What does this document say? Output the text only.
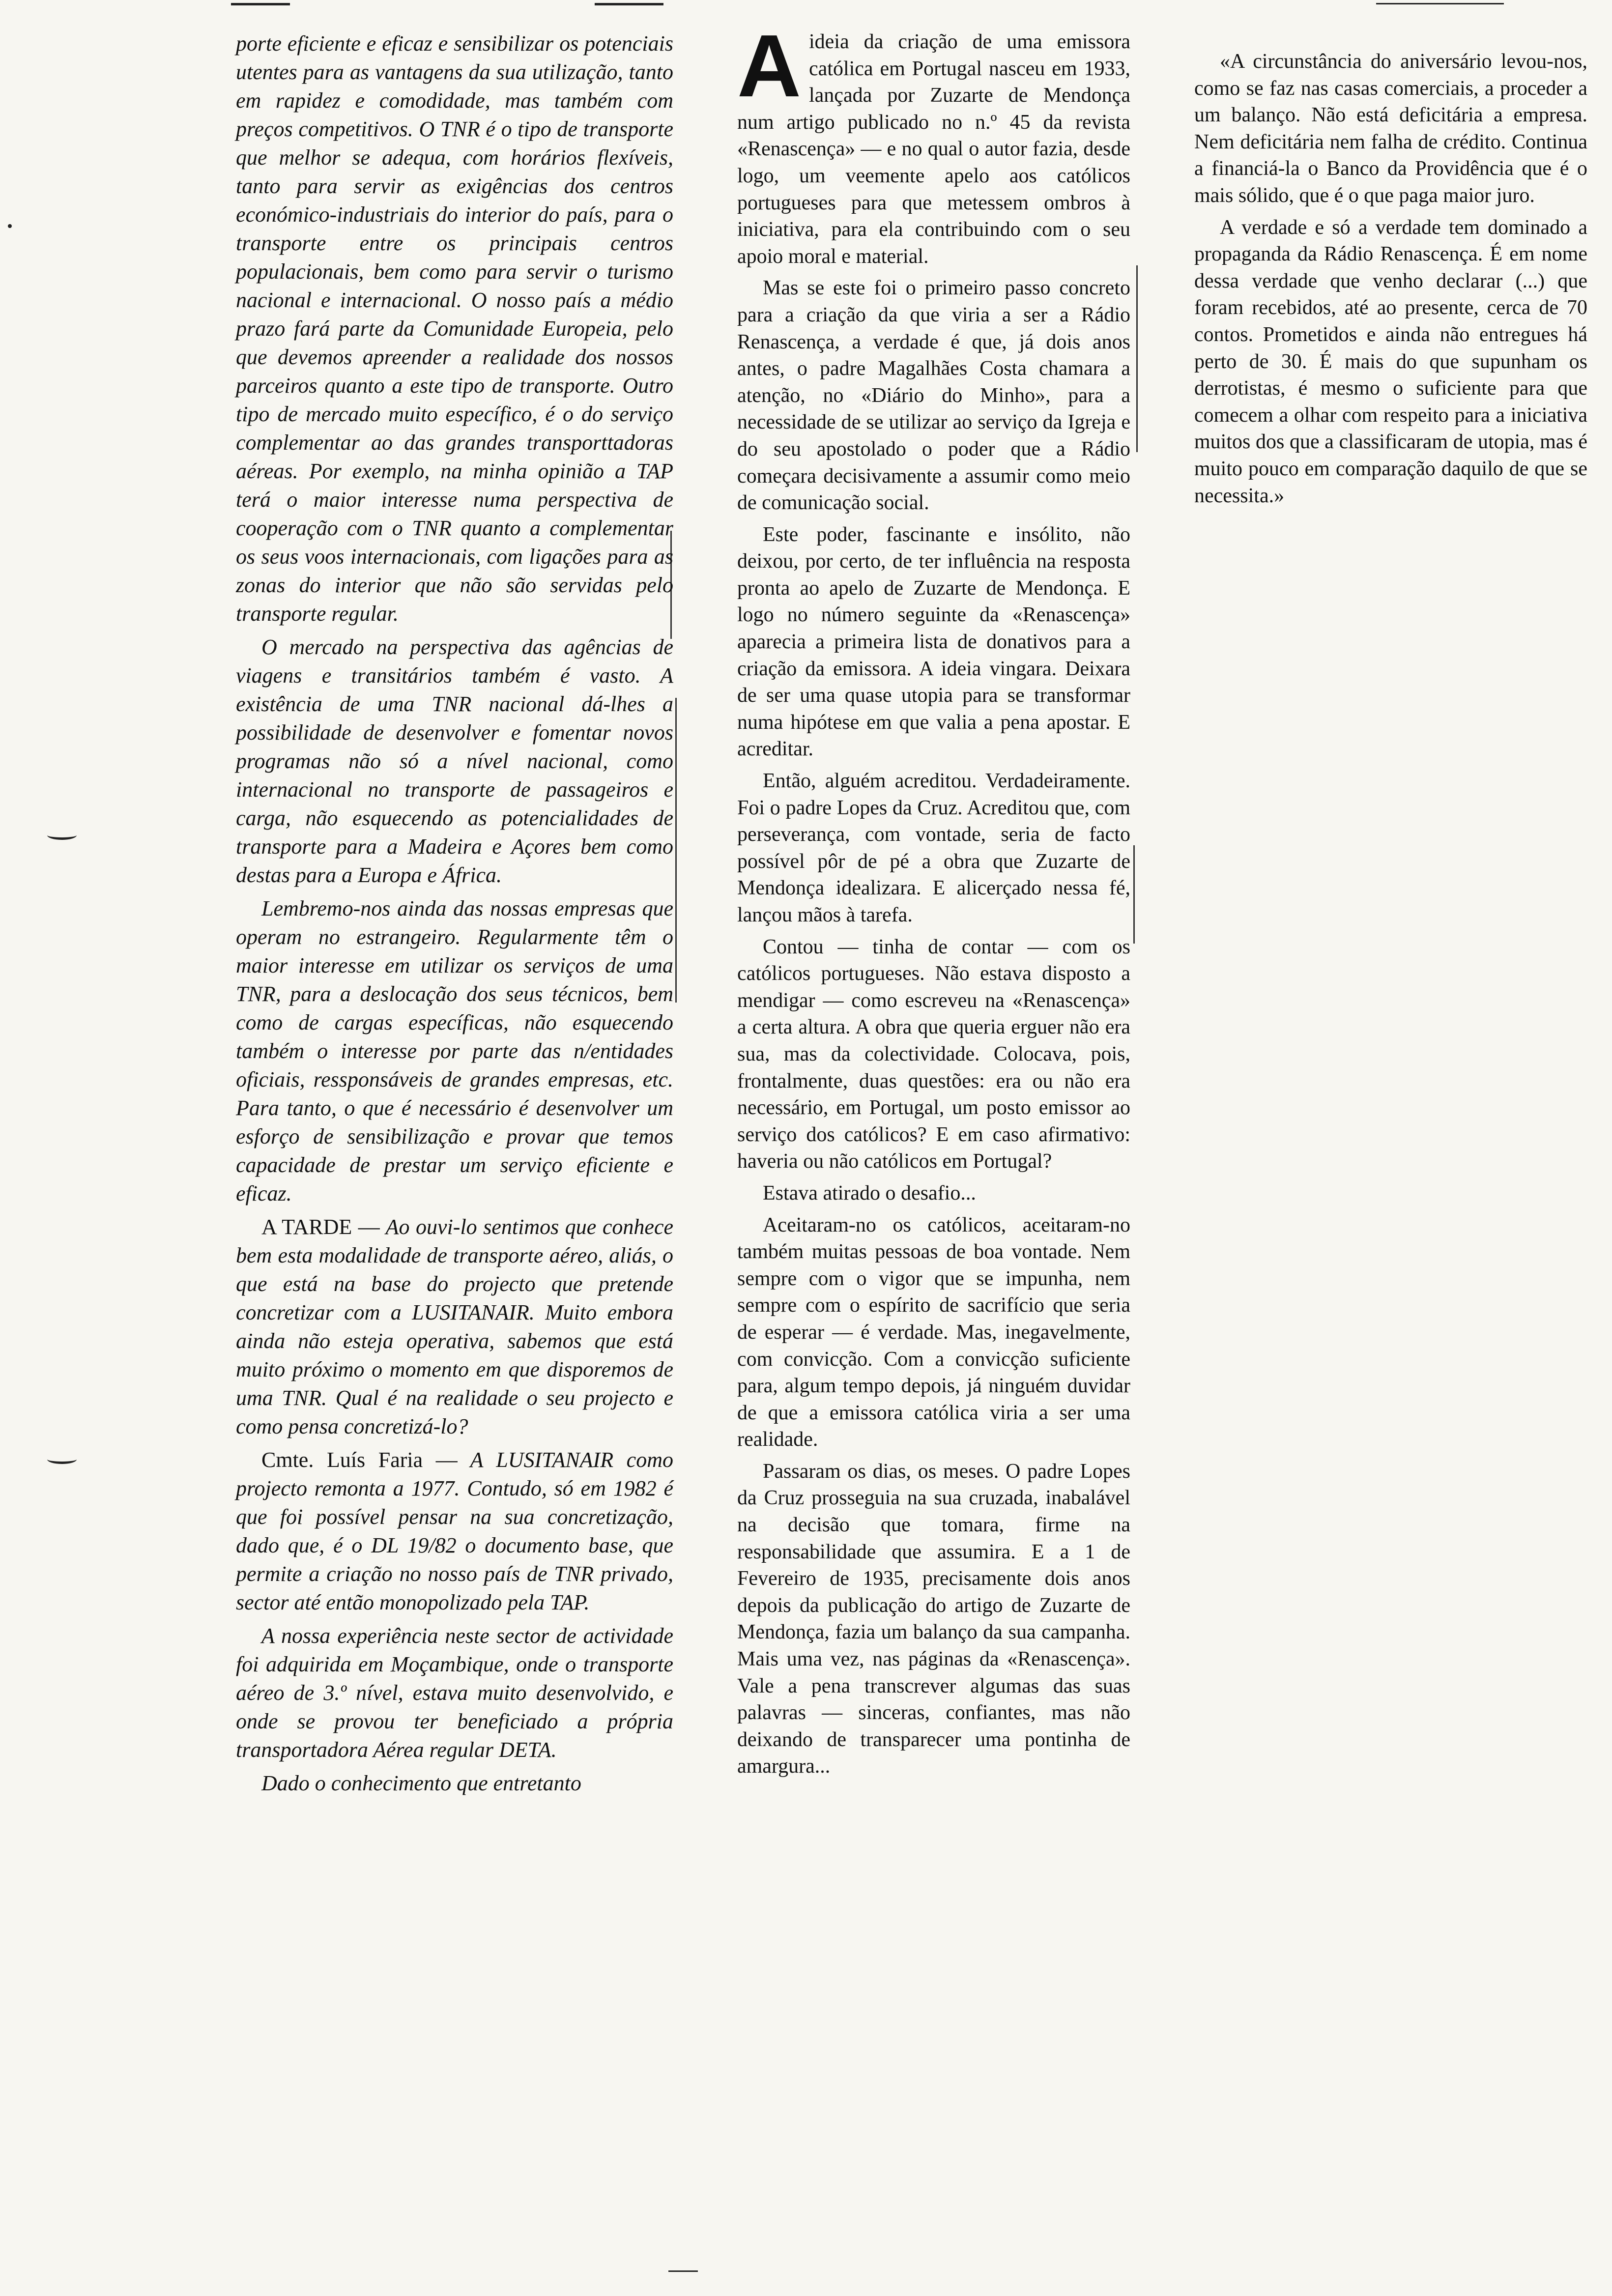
porte eficiente e eficaz e sensibilizar os potenciais utentes para as vantagens da sua utilização, tanto em rapidez e comodidade, mas também com preços competitivos. O TNR é o tipo de transporte que melhor se adequa, com horários flexíveis, tanto para servir as exigências dos centros económico-industriais do interior do país, para o transporte entre os principais centros populacionais, bem como para servir o turismo nacional e internacional. O nosso país a médio prazo fará parte da Comunidade Europeia, pelo que devemos apreender a realidade dos nossos parceiros quanto a este tipo de transporte. Outro tipo de mercado muito específico, é o do serviço complementar ao das grandes transporttadoras aéreas. Por exemplo, na minha opinião a TAP terá o maior interesse numa perspectiva de cooperação com o TNR quanto a complementar os seus voos internacionais, com ligações para as zonas do interior que não são servidas pelo transporte regular.

O mercado na perspectiva das agências de viagens e transitários também é vasto. A existência de uma TNR nacional dá-lhes a possibilidade de desenvolver e fomentar novos programas não só a nível nacional, como internacional no transporte de passageiros e carga, não esquecendo as potencialidades de transporte para a Madeira e Açores bem como destas para a Europa e África.

Lembremo-nos ainda das nossas empresas que operam no estrangeiro. Regularmente têm o maior interesse em utilizar os serviços de uma TNR, para a deslocação dos seus técnicos, bem como de cargas específicas, não esquecendo também o interesse por parte das n/entidades oficiais, ressponsáveis de grandes empresas, etc. Para tanto, o que é necessário é desenvolver um esforço de sensibilização e provar que temos capacidade de prestar um serviço eficiente e eficaz.

A TARDE — Ao ouvi-lo sentimos que conhece bem esta modalidade de transporte aéreo, aliás, o que está na base do projecto que pretende concretizar com a LUSITANAIR. Muito embora ainda não esteja operativa, sabemos que está muito próximo o momento em que disporemos de uma TNR. Qual é na realidade o seu projecto e como pensa concretizá-lo?

Cmte. Luís Faria — A LUSITANAIR como projecto remonta a 1977. Contudo, só em 1982 é que foi possível pensar na sua concretização, dado que, é o DL 19/82 o documento base, que permite a criação no nosso país de TNR privado, sector até então monopolizado pela TAP.

A nossa experiência neste sector de actividade foi adquirida em Moçambique, onde o transporte aéreo de 3.º nível, estava muito desenvolvido, e onde se provou ter beneficiado a própria transportadora Aérea regular DETA.

Dado o conhecimento que entretanto

Aideia da criação de uma emissora católica em Portugal nasceu em 1933, lançada por Zuzarte de Mendonça num artigo publicado no n.º 45 da revista «Renascença» — e no qual o autor fazia, desde logo, um veemente apelo aos católicos portugueses para que metessem ombros à iniciativa, para ela contribuindo com o seu apoio moral e material.

Mas se este foi o primeiro passo concreto para a criação da que viria a ser a Rádio Renascença, a verdade é que, já dois anos antes, o padre Magalhães Costa chamara a atenção, no «Diário do Minho», para a necessidade de se utilizar ao serviço da Igreja e do seu apostolado o poder que a Rádio começara decisivamente a assumir como meio de comunicação social.

Este poder, fascinante e insólito, não deixou, por certo, de ter influência na resposta pronta ao apelo de Zuzarte de Mendonça. E logo no número seguinte da «Renascença» aparecia a primeira lista de donativos para a criação da emissora. A ideia vingara. Deixara de ser uma quase utopia para se transformar numa hipótese em que valia a pena apostar. E acreditar.

Então, alguém acreditou. Verdadeiramente. Foi o padre Lopes da Cruz. Acreditou que, com perseverança, com vontade, seria de facto possível pôr de pé a obra que Zuzarte de Mendonça idealizara. E alicerçado nessa fé, lançou mãos à tarefa.

Contou — tinha de contar — com os católicos portugueses. Não estava disposto a mendigar — como escreveu na «Renascença» a certa altura. A obra que queria erguer não era sua, mas da colectividade. Colocava, pois, frontalmente, duas questões: era ou não era necessário, em Portugal, um posto emissor ao serviço dos católicos? E em caso afirmativo: haveria ou não católicos em Portugal?

Estava atirado o desafio...

Aceitaram-no os católicos, aceitaram-no também muitas pessoas de boa vontade. Nem sempre com o vigor que se impunha, nem sempre com o espírito de sacrifício que seria de esperar — é verdade. Mas, inegavelmente, com convicção. Com a convicção suficiente para, algum tempo depois, já ninguém duvidar de que a emissora católica viria a ser uma realidade.

Passaram os dias, os meses. O padre Lopes da Cruz prosseguia na sua cruzada, inabalável na decisão que tomara, firme na responsabilidade que assumira. E a 1 de Fevereiro de 1935, precisamente dois anos depois da publicação do artigo de Zuzarte de Mendonça, fazia um balanço da sua campanha. Mais uma vez, nas páginas da «Renascença». Vale a pena transcrever algumas das suas palavras — sinceras, confiantes, mas não deixando de transparecer uma pontinha de amargura...

«A circunstância do aniversário levou-nos, como se faz nas casas comerciais, a proceder a um balanço. Não está deficitária a empresa. Nem deficitária nem falha de crédito. Continua a financiá-la o Banco da Providência que é o mais sólido, que é o que paga maior juro.

A verdade e só a verdade tem dominado a propaganda da Rádio Renascença. É em nome dessa verdade que venho declarar (...) que foram recebidos, até ao presente, cerca de 70 contos. Prometidos e ainda não entregues há perto de 30. É mais do que supunham os derrotistas, é mesmo o suficiente para que comecem a olhar com respeito para a iniciativa muitos dos que a classificaram de utopia, mas é muito pouco em comparação daquilo de que se necessita.»
